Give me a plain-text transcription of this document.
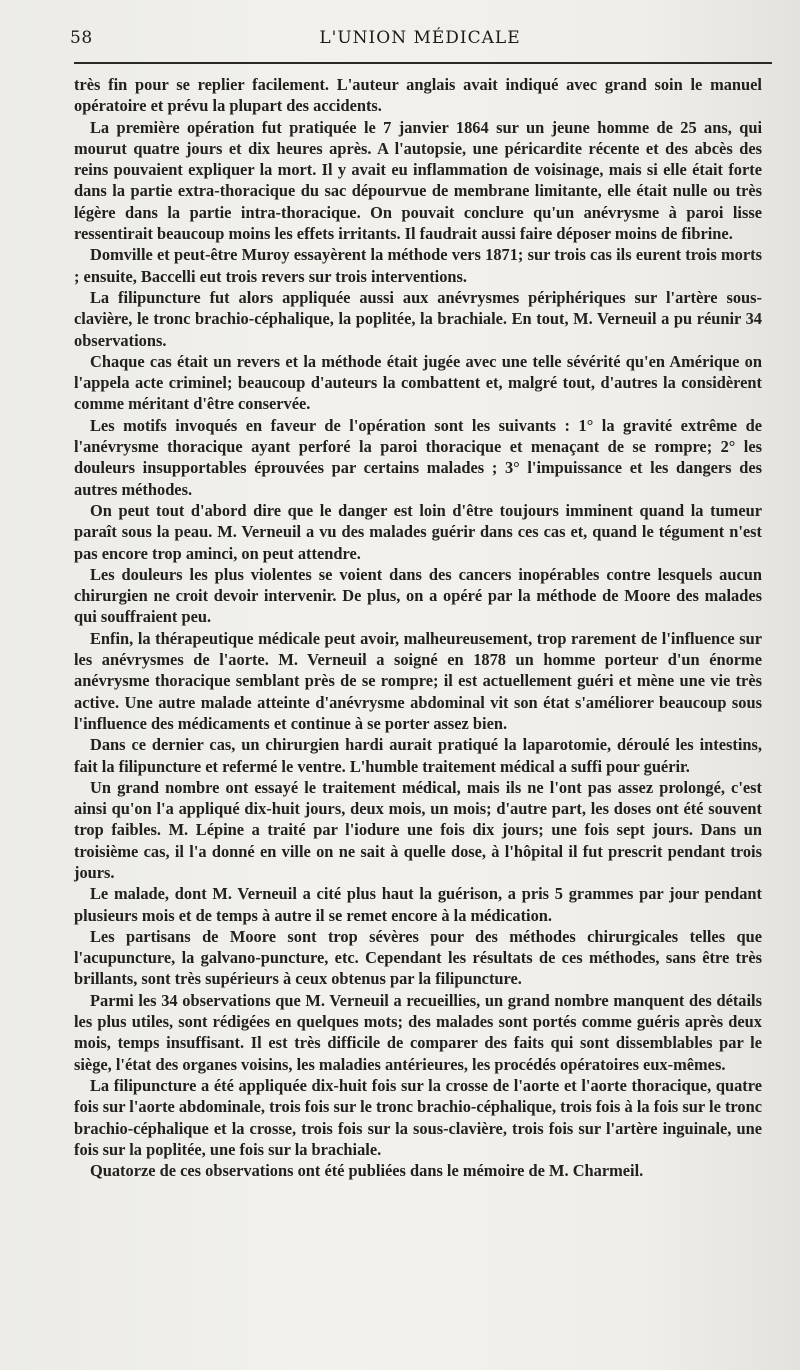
58	L'UNION MÉDICALE

très fin pour se replier facilement. L'auteur anglais avait indiqué avec grand soin le manuel opératoire et prévu la plupart des accidents.

La première opération fut pratiquée le 7 janvier 1864 sur un jeune homme de 25 ans, qui mourut quatre jours et dix heures après. A l'autopsie, une péricardite récente et des abcès des reins pouvaient expliquer la mort. Il y avait eu inflammation de voisinage, mais si elle était forte dans la partie extra-thoracique du sac dépourvue de membrane limitante, elle était nulle ou très légère dans la partie intra-thoracique. On pouvait conclure qu'un anévrysme à paroi lisse ressentirait beaucoup moins les effets irritants. Il faudrait aussi faire déposer moins de fibrine.

Domville et peut-être Muroy essayèrent la méthode vers 1871; sur trois cas ils eurent trois morts ; ensuite, Baccelli eut trois revers sur trois interventions.

La filipuncture fut alors appliquée aussi aux anévrysmes périphériques sur l'artère sous-clavière, le tronc brachio-céphalique, la poplitée, la brachiale. En tout, M. Verneuil a pu réunir 34 observations.

Chaque cas était un revers et la méthode était jugée avec une telle sévérité qu'en Amérique on l'appela acte criminel; beaucoup d'auteurs la combattent et, malgré tout, d'autres la considèrent comme méritant d'être conservée.

Les motifs invoqués en faveur de l'opération sont les suivants : 1° la gravité extrême de l'anévrysme thoracique ayant perforé la paroi thoracique et menaçant de se rompre; 2° les douleurs insupportables éprouvées par certains malades ; 3° l'impuissance et les dangers des autres méthodes.

On peut tout d'abord dire que le danger est loin d'être toujours imminent quand la tumeur paraît sous la peau. M. Verneuil a vu des malades guérir dans ces cas et, quand le tégument n'est pas encore trop aminci, on peut attendre.

Les douleurs les plus violentes se voient dans des cancers inopérables contre lesquels aucun chirurgien ne croit devoir intervenir. De plus, on a opéré par la méthode de Moore des malades qui souffraient peu.

Enfin, la thérapeutique médicale peut avoir, malheureusement, trop rarement de l'influence sur les anévrysmes de l'aorte. M. Verneuil a soigné en 1878 un homme porteur d'un énorme anévrysme thoracique semblant près de se rompre; il est actuellement guéri et mène une vie très active. Une autre malade atteinte d'anévrysme abdominal vit son état s'améliorer beaucoup sous l'influence des médicaments et continue à se porter assez bien.

Dans ce dernier cas, un chirurgien hardi aurait pratiqué la laparotomie, déroulé les intestins, fait la filipuncture et refermé le ventre. L'humble traitement médical a suffi pour guérir.

Un grand nombre ont essayé le traitement médical, mais ils ne l'ont pas assez prolongé, c'est ainsi qu'on l'a appliqué dix-huit jours, deux mois, un mois; d'autre part, les doses ont été souvent trop faibles. M. Lépine a traité par l'iodure une fois dix jours; une fois sept jours. Dans un troisième cas, il l'a donné en ville on ne sait à quelle dose, à l'hôpital il fut prescrit pendant trois jours.

Le malade, dont M. Verneuil a cité plus haut la guérison, a pris 5 grammes par jour pendant plusieurs mois et de temps à autre il se remet encore à la médication.

Les partisans de Moore sont trop sévères pour des méthodes chirurgicales telles que l'acupuncture, la galvano-puncture, etc. Cependant les résultats de ces méthodes, sans être très brillants, sont très supérieurs à ceux obtenus par la filipuncture.

Parmi les 34 observations que M. Verneuil a recueillies, un grand nombre manquent des détails les plus utiles, sont rédigées en quelques mots; des malades sont portés comme guéris après deux mois, temps insuffisant. Il est très difficile de comparer des faits qui sont dissemblables par le siège, l'état des organes voisins, les maladies antérieures, les procédés opératoires eux-mêmes.

La filipuncture a été appliquée dix-huit fois sur la crosse de l'aorte et l'aorte thoracique, quatre fois sur l'aorte abdominale, trois fois sur le tronc brachio-céphalique, trois fois à la fois sur le tronc brachio-céphalique et la crosse, trois fois sur la sous-clavière, trois fois sur l'artère inguinale, une fois sur la poplitée, une fois sur la brachiale.

Quatorze de ces observations ont été publiées dans le mémoire de M. Charmeil.
